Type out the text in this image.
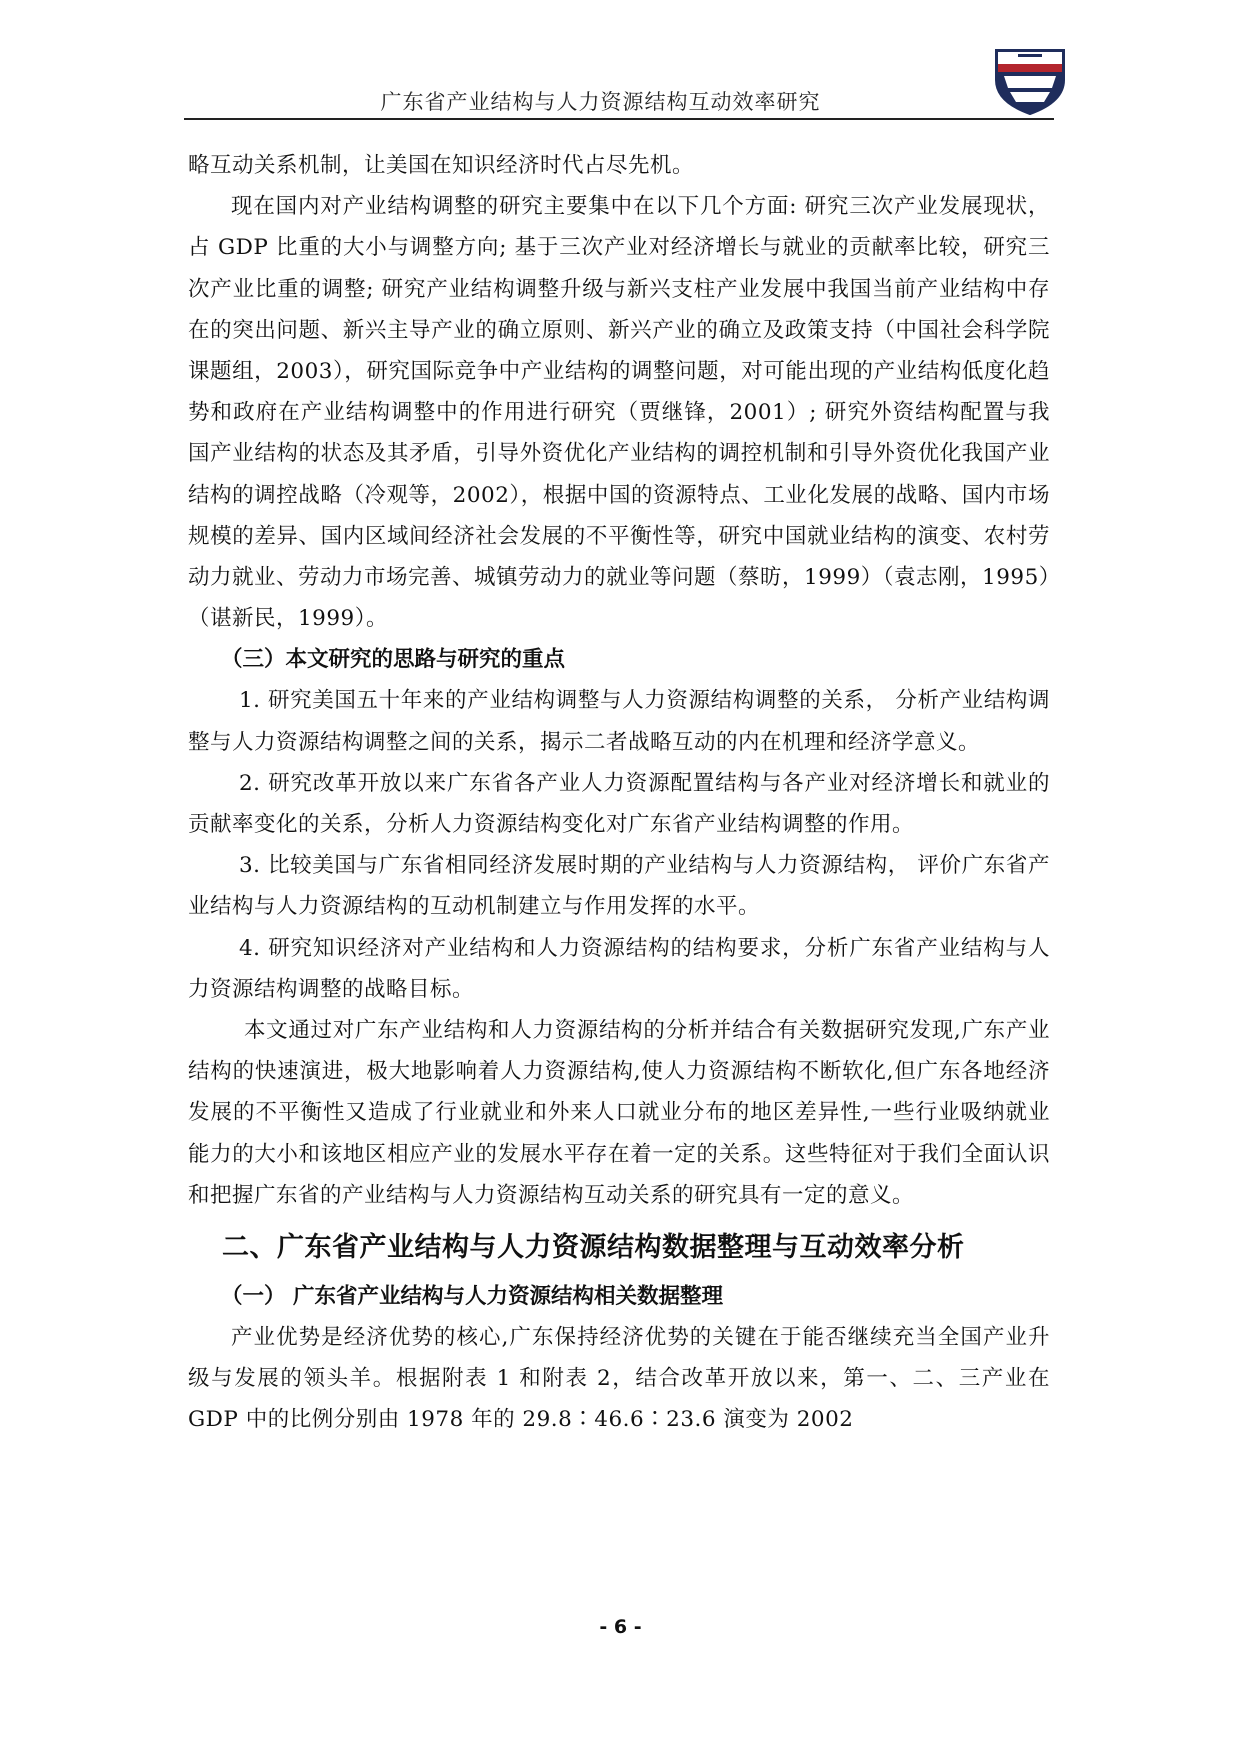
广东省产业结构与人力资源结构互动效率研究

略互动关系机制，让美国在知识经济时代占尽先机。

现在国内对产业结构调整的研究主要集中在以下几个方面: 研究三次产业发展现状，占 GDP 比重的大小与调整方向; 基于三次产业对经济增长与就业的贡献率比较，研究三次产业比重的调整; 研究产业结构调整升级与新兴支柱产业发展中我国当前产业结构中存在的突出问题、新兴主导产业的确立原则、新兴产业的确立及政策支持（中国社会科学院课题组，2003），研究国际竞争中产业结构的调整问题，对可能出现的产业结构低度化趋势和政府在产业结构调整中的作用进行研究（贾继锋，2001）; 研究外资结构配置与我国产业结构的状态及其矛盾，引导外资优化产业结构的调控机制和引导外资优化我国产业结构的调控战略（冷观等，2002），根据中国的资源特点、工业化发展的战略、国内市场规模的差异、国内区域间经济社会发展的不平衡性等，研究中国就业结构的演变、农村劳动力就业、劳动力市场完善、城镇劳动力的就业等问题（蔡昉，1999）（袁志刚，1995）（谌新民，1999）。

（三）本文研究的思路与研究的重点

1. 研究美国五十年来的产业结构调整与人力资源结构调整的关系， 分析产业结构调整与人力资源结构调整之间的关系，揭示二者战略互动的内在机理和经济学意义。

2. 研究改革开放以来广东省各产业人力资源配置结构与各产业对经济增长和就业的贡献率变化的关系，分析人力资源结构变化对广东省产业结构调整的作用。

3. 比较美国与广东省相同经济发展时期的产业结构与人力资源结构， 评价广东省产业结构与人力资源结构的互动机制建立与作用发挥的水平。

4. 研究知识经济对产业结构和人力资源结构的结构要求，分析广东省产业结构与人力资源结构调整的战略目标。

本文通过对广东产业结构和人力资源结构的分析并结合有关数据研究发现,广东产业结构的快速演进，极大地影响着人力资源结构,使人力资源结构不断软化,但广东各地经济发展的不平衡性又造成了行业就业和外来人口就业分布的地区差异性,一些行业吸纳就业能力的大小和该地区相应产业的发展水平存在着一定的关系。这些特征对于我们全面认识和把握广东省的产业结构与人力资源结构互动关系的研究具有一定的意义。

二、广东省产业结构与人力资源结构数据整理与互动效率分析

（一） 广东省产业结构与人力资源结构相关数据整理

产业优势是经济优势的核心,广东保持经济优势的关键在于能否继续充当全国产业升级与发展的领头羊。根据附表 1 和附表 2，结合改革开放以来，第一、二、三产业在 GDP 中的比例分别由 1978 年的 29.8∶46.6∶23.6 演变为 2002

- 6 -
